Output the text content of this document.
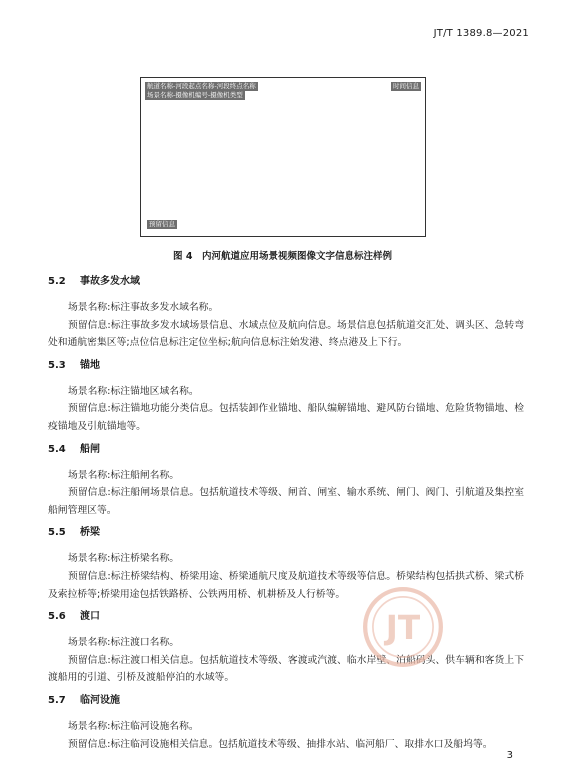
JT/T 1389.8—2021
航道名称-河段起点名称-河段终点名称
场景名称-摄像机编号-摄像机类型
时间信息
预留信息
图 4　内河航道应用场景视频图像文字信息标注样例
5.2 事故多发水域

场景名称:标注事故多发水域名称。

预留信息:标注事故多发水域场景信息、水域点位及航向信息。场景信息包括航道交汇处、调头区、急转弯处和通航密集区等;点位信息标注定位坐标;航向信息标注始发港、终点港及上下行。

5.3 锚地

场景名称:标注锚地区域名称。

预留信息:标注锚地功能分类信息。包括装卸作业锚地、船队编解锚地、避风防台锚地、危险货物锚地、检疫锚地及引航锚地等。

5.4 船闸

场景名称:标注船闸名称。

预留信息:标注船闸场景信息。包括航道技术等级、闸首、闸室、输水系统、闸门、阀门、引航道及集控室船闸管理区等。

5.5 桥梁

场景名称:标注桥梁名称。

预留信息:标注桥梁结构、桥梁用途、桥梁通航尺度及航道技术等级等信息。桥梁结构包括拱式桥、梁式桥及索拉桥等;桥梁用途包括铁路桥、公铁两用桥、机耕桥及人行桥等。

5.6 渡口

场景名称:标注渡口名称。

预留信息:标注渡口相关信息。包括航道技术等级、客渡或汽渡、临水岸壁、泊船码头、供车辆和客货上下渡船用的引道、引桥及渡船停泊的水域等。

5.7 临河设施

场景名称:标注临河设施名称。

预留信息:标注临河设施相关信息。包括航道技术等级、抽排水站、临河船厂、取排水口及船坞等。

JT
3
